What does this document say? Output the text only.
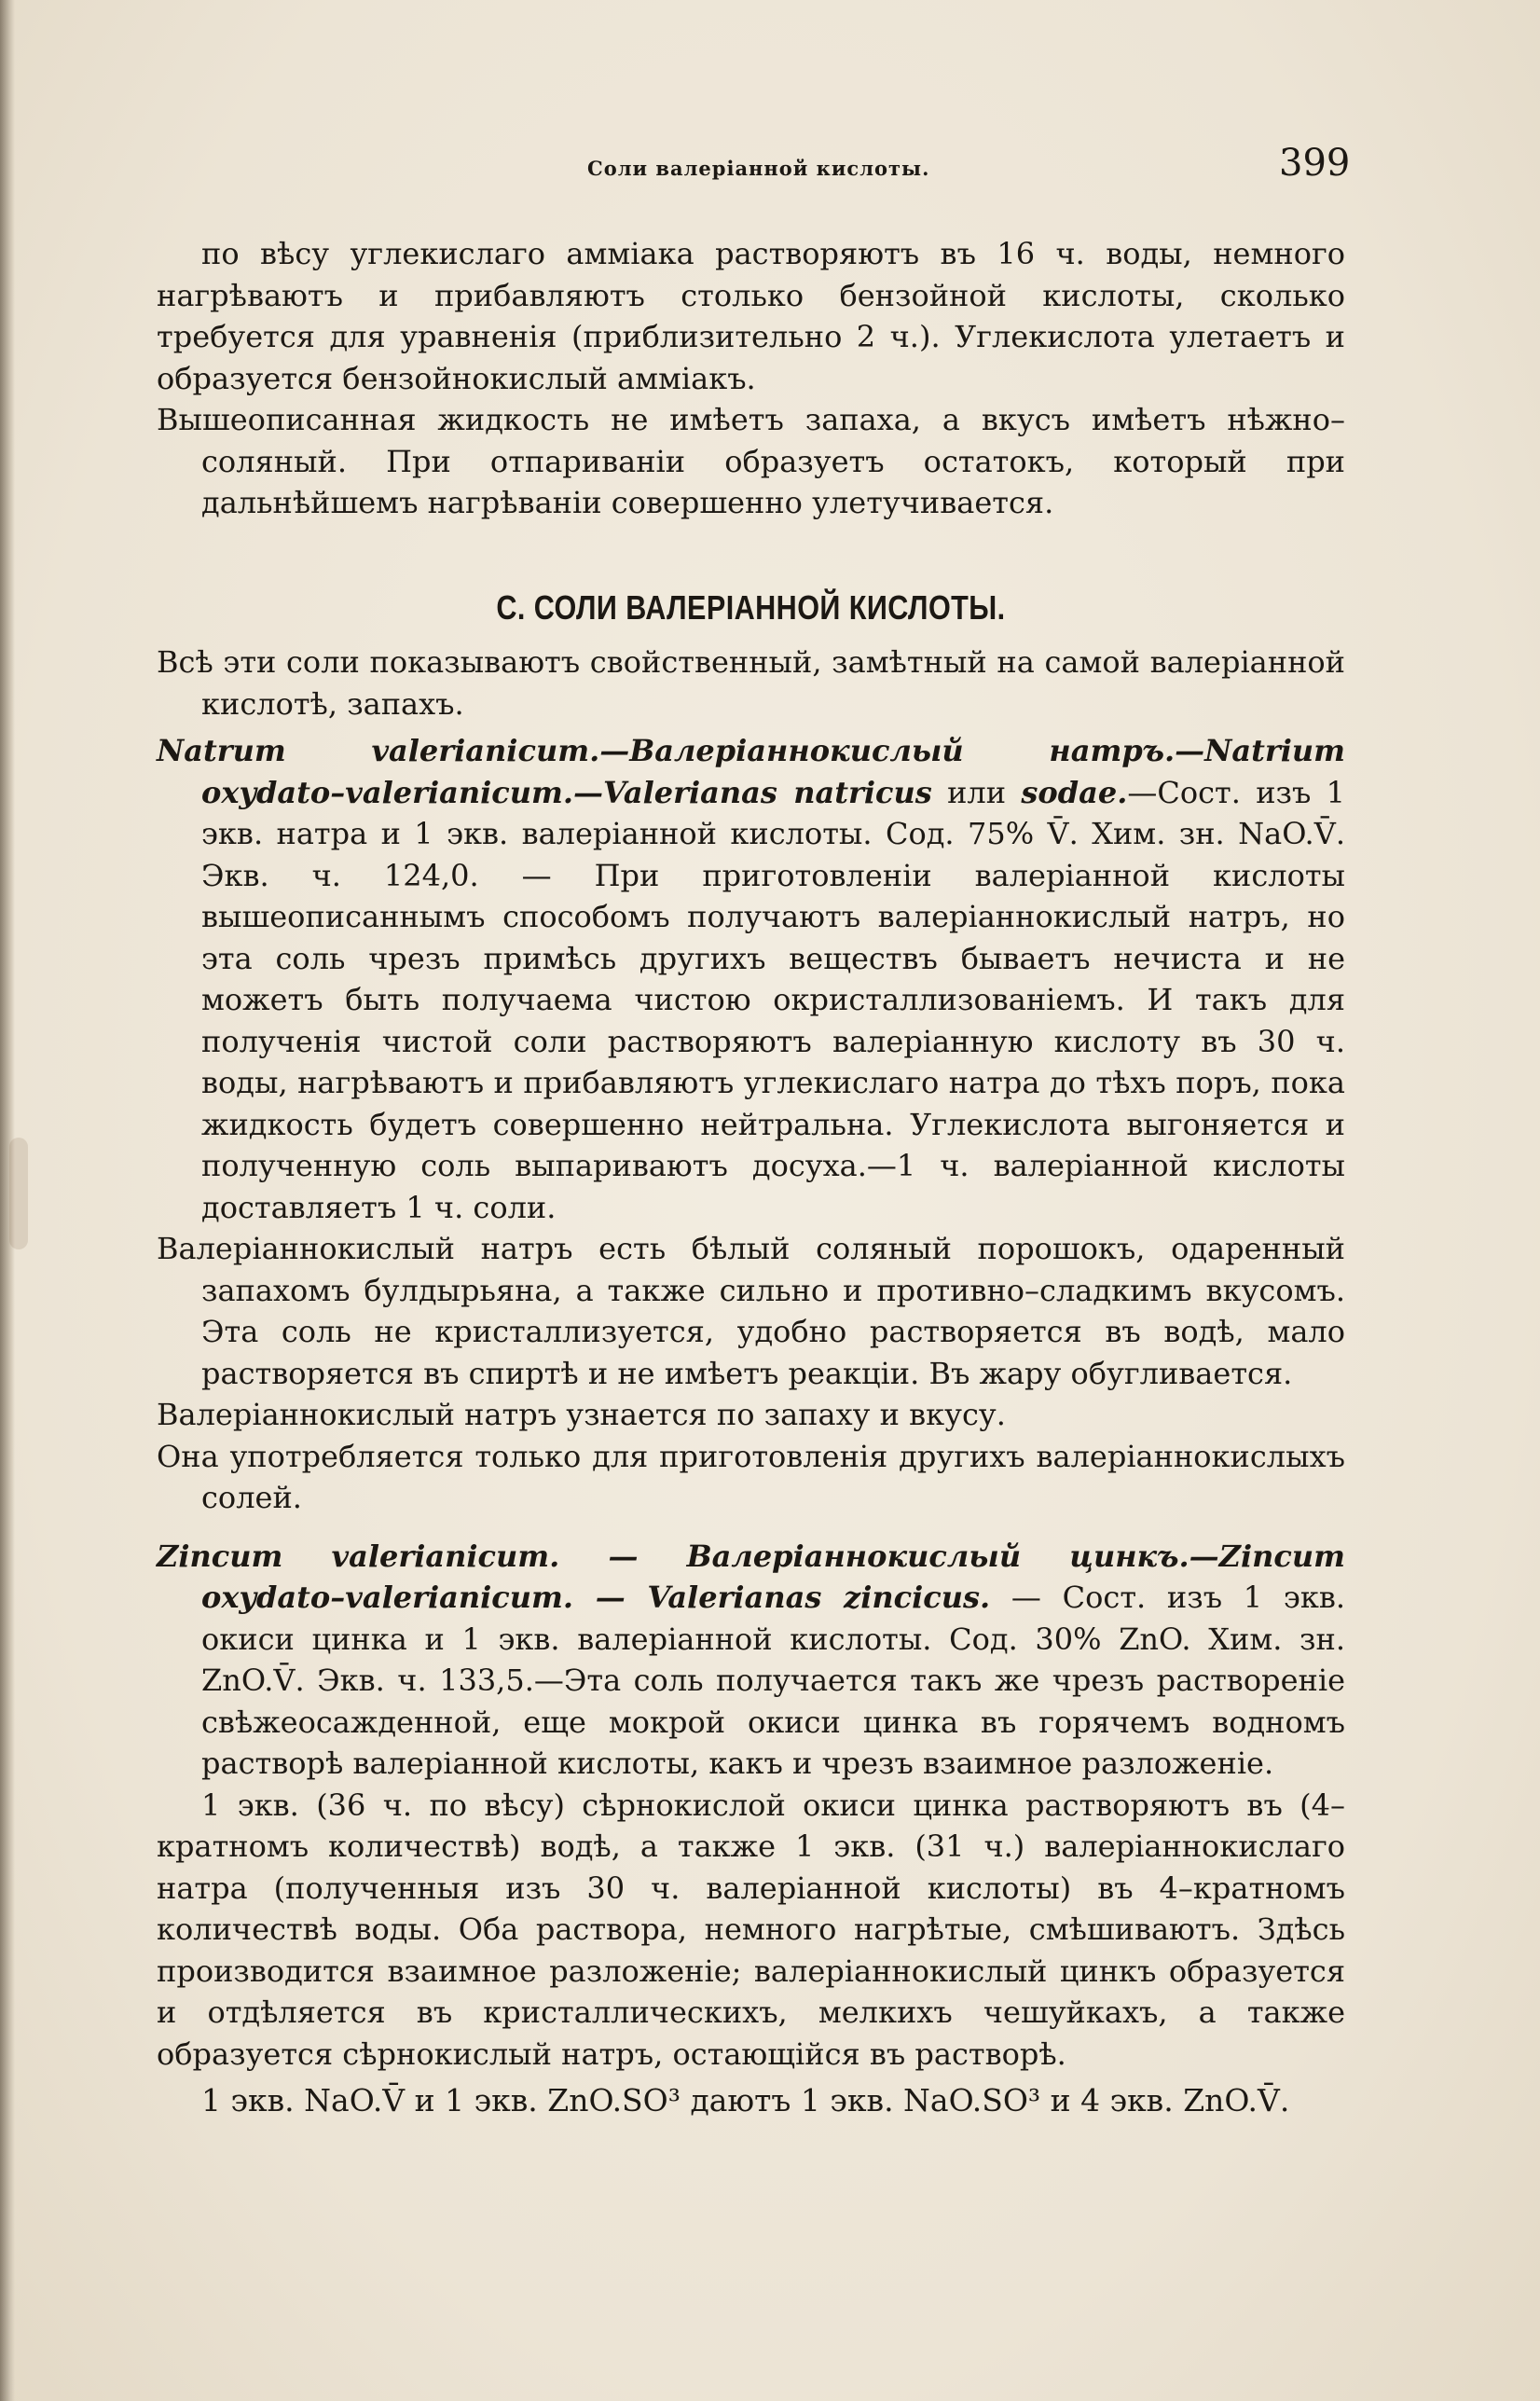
Соли валеріанной кислоты.	399

по вѣсу углекислаго амміака растворяютъ въ 16 ч. воды, немного нагрѣваютъ и прибавляютъ столько бензойной кислоты, сколько требуется для уравненія (приблизительно 2 ч.). Углекислота улетаетъ и образуется бензойнокислый амміакъ.

Вышеописанная жидкость не имѣетъ запаха, а вкусъ имѣетъ нѣжно–соляный. При отпариваніи образуетъ остатокъ, который при дальнѣйшемъ нагрѣваніи совершенно улетучивается.

C. СОЛИ ВАЛЕРІАННОЙ КИСЛОТЫ.

Всѣ эти соли показываютъ свойственный, замѣтный на самой валеріанной кислотѣ, запахъ.

Natrum valerianicum.—Валеріаннокислый натръ.—Natrium oxydato–valerianicum.—Valerianas natricus или sodae.—Сост. изъ 1 экв. натра и 1 экв. валеріанной кислоты. Сод. 75% V̄. Хим. зн. NaO.V̄. Экв. ч. 124,0. — При приготовленіи валеріанной кислоты вышеописаннымъ способомъ получаютъ валеріаннокислый натръ, но эта соль чрезъ примѣсь другихъ веществъ бываетъ нечиста и не можетъ быть получаема чистою окристаллизованіемъ. И такъ для полученія чистой соли растворяютъ валеріанную кислоту въ 30 ч. воды, нагрѣваютъ и прибавляютъ углекислаго натра до тѣхъ поръ, пока жидкость будетъ совершенно нейтральна. Углекислота выгоняется и полученную соль выпариваютъ досуха.—1 ч. валеріанной кислоты доставляетъ 1 ч. соли.

Валеріаннокислый натръ есть бѣлый соляный порошокъ, одаренный запахомъ булдырьяна, а также сильно и противно–сладкимъ вкусомъ. Эта соль не кристаллизуется, удобно растворяется въ водѣ, мало растворяется въ спиртѣ и не имѣетъ реакціи. Въ жару обугливается.

Валеріаннокислый натръ узнается по запаху и вкусу.

Она употребляется только для приготовленія другихъ валеріаннокислыхъ солей.

Zincum valerianicum. — Валеріаннокислый цинкъ.—Zincum oxydato–valerianicum. — Valerianas zincicus. — Сост. изъ 1 экв. окиси цинка и 1 экв. валеріанной кислоты. Сод. 30% ZnO. Хим. зн. ZnO.V̄. Экв. ч. 133,5.—Эта соль получается такъ же чрезъ раствореніе свѣжеосажденной, еще мокрой окиси цинка въ горячемъ водномъ растворѣ валеріанной кислоты, какъ и чрезъ взаимное разложеніе.

1 экв. (36 ч. по вѣсу) сѣрнокислой окиси цинка растворяютъ въ (4–кратномъ количествѣ) водѣ, а также 1 экв. (31 ч.) валеріаннокислаго натра (полученныя изъ 30 ч. валеріанной кислоты) въ 4–кратномъ количествѣ воды. Оба раствора, немного нагрѣтые, смѣшиваютъ. Здѣсь производится взаимное разложеніе; валеріаннокислый цинкъ образуется и отдѣляется въ кристаллическихъ, мелкихъ чешуйкахъ, а также образуется сѣрнокислый натръ, остающійся въ растворѣ.

1 экв. NaO.V̄ и 1 экв. ZnO.SO³ даютъ 1 экв. NaO.SO³ и 4 экв. ZnO.V̄.
